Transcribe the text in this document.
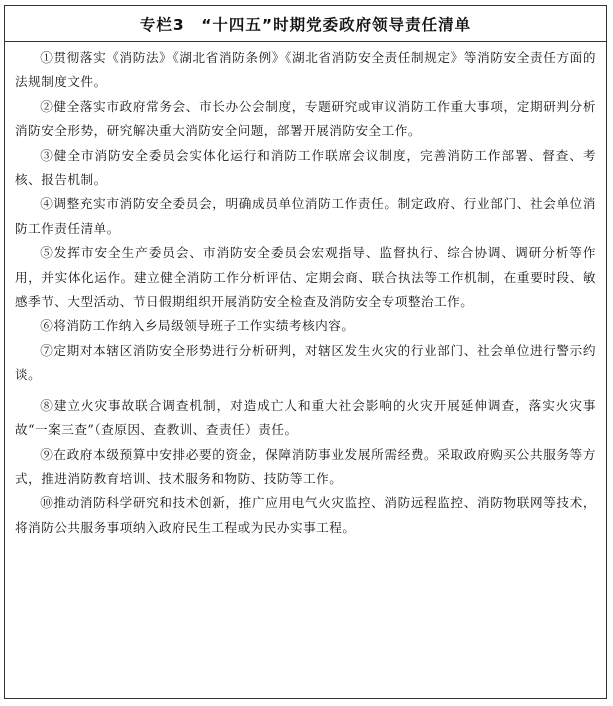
专栏3　“十四五”时期党委政府领导责任清单

①贯彻落实《消防法》《湖北省消防条例》《湖北省消防安全责任制规定》等消防安全责任方面的法规制度文件。

②健全落实市政府常务会、市长办公会制度，专题研究或审议消防工作重大事项，定期研判分析消防安全形势，研究解决重大消防安全问题，部署开展消防安全工作。

③健全市消防安全委员会实体化运行和消防工作联席会议制度，完善消防工作部署、督查、考核、报告机制。

④调整充实市消防安全委员会，明确成员单位消防工作责任。制定政府、行业部门、社会单位消防工作责任清单。

⑤发挥市安全生产委员会、市消防安全委员会宏观指导、监督执行、综合协调、调研分析等作用，并实体化运作。建立健全消防工作分析评估、定期会商、联合执法等工作机制，在重要时段、敏感季节、大型活动、节日假期组织开展消防安全检查及消防安全专项整治工作。

⑥将消防工作纳入乡局级领导班子工作实绩考核内容。

⑦定期对本辖区消防安全形势进行分析研判，对辖区发生火灾的行业部门、社会单位进行警示约谈。

⑧建立火灾事故联合调查机制，对造成亡人和重大社会影响的火灾开展延伸调查，落实火灾事故“一案三查”（查原因、查教训、查责任）责任。

⑨在政府本级预算中安排必要的资金，保障消防事业发展所需经费。采取政府购买公共服务等方式，推进消防教育培训、技术服务和物防、技防等工作。

⑩推动消防科学研究和技术创新，推广应用电气火灾监控、消防远程监控、消防物联网等技术，将消防公共服务事项纳入政府民生工程或为民办实事工程。
